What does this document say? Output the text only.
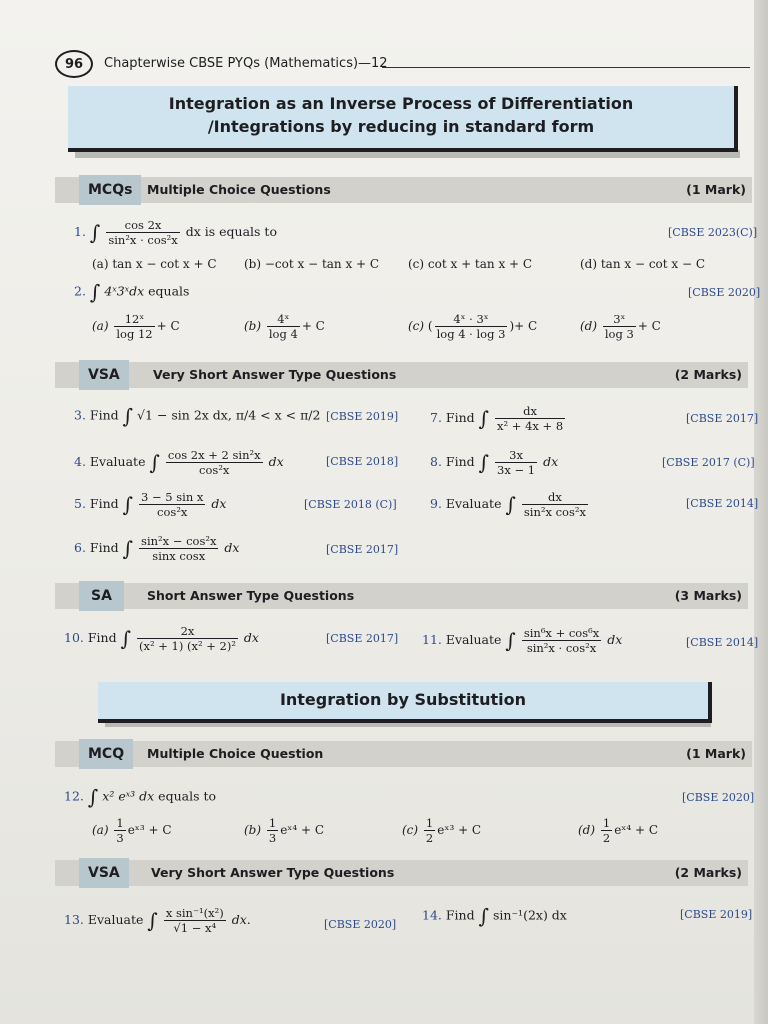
96	Chapterwise CBSE PYQs (Mathematics)—12
Integration as an Inverse Process of Differentiation
/Integrations by reducing in standard form
MCQs	Multiple Choice Questions	(1 Mark)
1. ∫ $\frac{\cos 2x}{\text{sin²x · cos²x}}$ dx is equals to	[CBSE 2023(C)]
(a) tan x − cot x + C (b) −cot x − tan x + C (c) cot x + tan x + C	(d) tan x − cot x − C
2. ∫ 4ˣ3ˣdx equals	[CBSE 2020]
$(a) \frac{\text{12ˣ}}{\log 12} + C$	$(b) \frac{\text{4ˣ}}{\log 4} + C$	(c) ( $\frac{\text{4ˣ · 3ˣ}}{\log 4 \cdot \log 3}$ )+ C	$(d) \frac{\text{3ˣ}}{\log 3} + C$
VSA	Very Short Answer Type Questions	(2 Marks)
3. Find ∫ √1 − sin 2x dx, π/4 < x < π/2 [CBSE 2019]	7. Find ∫ $\frac{dx}{\text{x² + 4x + 8}}$	[CBSE 2017]
4. Evaluate ∫ $\frac{\text{cos 2x + 2 sin²x}}{\text{cos²x}}$ dx	[CBSE 2018]	8. Find ∫ $\frac{3x}{3x - 1}$ dx	[CBSE 2017 (C)]
5. Find ∫ $\frac{\text{3 − 5 sin x}}{\text{cos²x}}$ dx	[CBSE 2018 (C)]	9. Evaluate ∫ $\frac{dx}{\text{sin²x cos²x}}$	[CBSE 2014]
6. Find ∫ $\frac{\text{sin²x − cos²x}}{\text{sinx cosx}}$ dx	[CBSE 2017]
SA	Short Answer Type Questions	(3 Marks)
10. Find ∫ $\frac{2x}{\text{(x² + 1) (x² + 2)²}}$ dx	[CBSE 2017] 11. Evaluate ∫ $\frac{\text{sin⁶x + cos⁶x}}{\text{sin²x · cos²x}}$ dx	[CBSE 2014]
Integration by Substitution
MCQ	Multiple Choice Question	(1 Mark)
12. ∫ x² eˣ³ dx equals to	[CBSE 2020]
$(a) \frac{1}{3}$ eˣ³ + C	$(b) \frac{1}{3}$ eˣ⁴ + C	$(c) \frac{1}{2}$ eˣ³ + C	$(d) \frac{1}{2}$ eˣ⁴ + C
VSA	Very Short Answer Type Questions	(2 Marks)
13. Evaluate ∫ $\frac{\text{x sin⁻¹(x²)}}{\text{√1 − x⁴}}$ dx.	[CBSE 2020]
14. Find ∫ sin⁻¹(2x) dx	[CBSE 2019]
